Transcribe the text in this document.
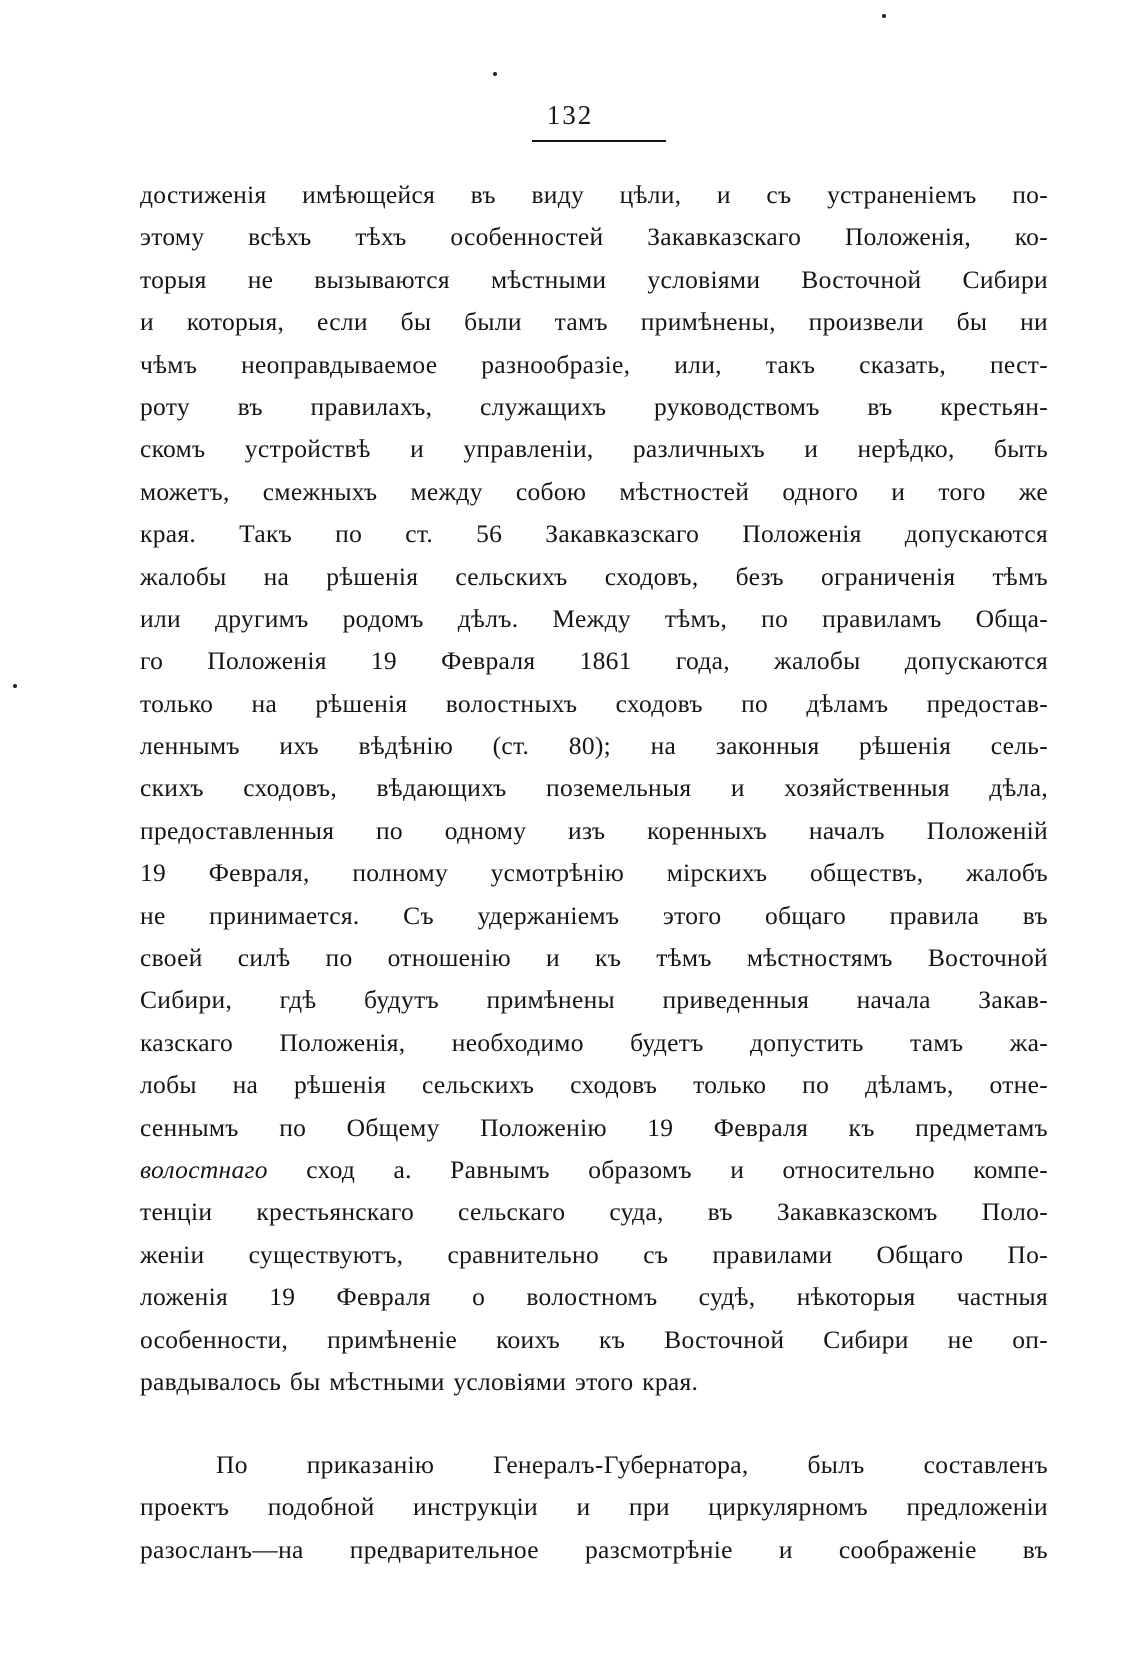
132
достиженія имѣющейся въ виду цѣли, и съ устраненіемъ по-
этому всѣхъ тѣхъ особенностей Закавказскаго Положенія, ко-
торыя не вызываются мѣстными условіями Восточной Сибири
и которыя, если бы были тамъ примѣнены, произвели бы ни
чѣмъ неоправдываемое разнообразіе, или, такъ сказать, пест-
роту въ правилахъ, служащихъ руководствомъ въ крестьян-
скомъ устройствѣ и управленіи, различныхъ и нерѣдко, быть
можетъ, смежныхъ между собою мѣстностей одного и того же
края. Такъ по ст. 56 Закавказскаго Положенія допускаются
жалобы на рѣшенія сельскихъ сходовъ, безъ ограниченія тѣмъ
или другимъ родомъ дѣлъ. Между тѣмъ, по правиламъ Обща-
го Положенія 19 Февраля 1861 года, жалобы допускаются
только на рѣшенія волостныхъ сходовъ по дѣламъ предостав-
леннымъ ихъ вѣдѣнію (ст. 80); на законныя рѣшенія сель-
скихъ сходовъ, вѣдающихъ поземельныя и хозяйственныя дѣла,
предоставленныя по одному изъ коренныхъ началъ Положеній
19 Февраля, полному усмотрѣнію мірскихъ обществъ, жалобъ
не принимается. Съ удержаніемъ этого общаго правила въ
своей силѣ по отношенію и къ тѣмъ мѣстностямъ Восточной
Сибири, гдѣ будутъ примѣнены приведенныя начала Закав-
казскаго Положенія, необходимо будетъ допустить тамъ жа-
лобы на рѣшенія сельскихъ сходовъ только по дѣламъ, отне-
сеннымъ по Общему Положенію 19 Февраля къ предметамъ
волостнаго сход а. Равнымъ образомъ и относительно компе-
тенціи крестьянскаго сельскаго суда, въ Закавказскомъ Поло-
женіи существуютъ, сравнительно съ правилами Общаго По-
ложенія 19 Февраля о волостномъ судѣ, нѣкоторыя частныя
особенности, примѣненіе коихъ къ Восточной Сибири не оп-
равдывалось бы мѣстными условіями этого края.
По приказанію Генералъ-Губернатора, былъ составленъ
проектъ подобной инструкціи и при циркулярномъ предложеніи
разосланъ—на предварительное разсмотрѣніе и соображеніе въ
